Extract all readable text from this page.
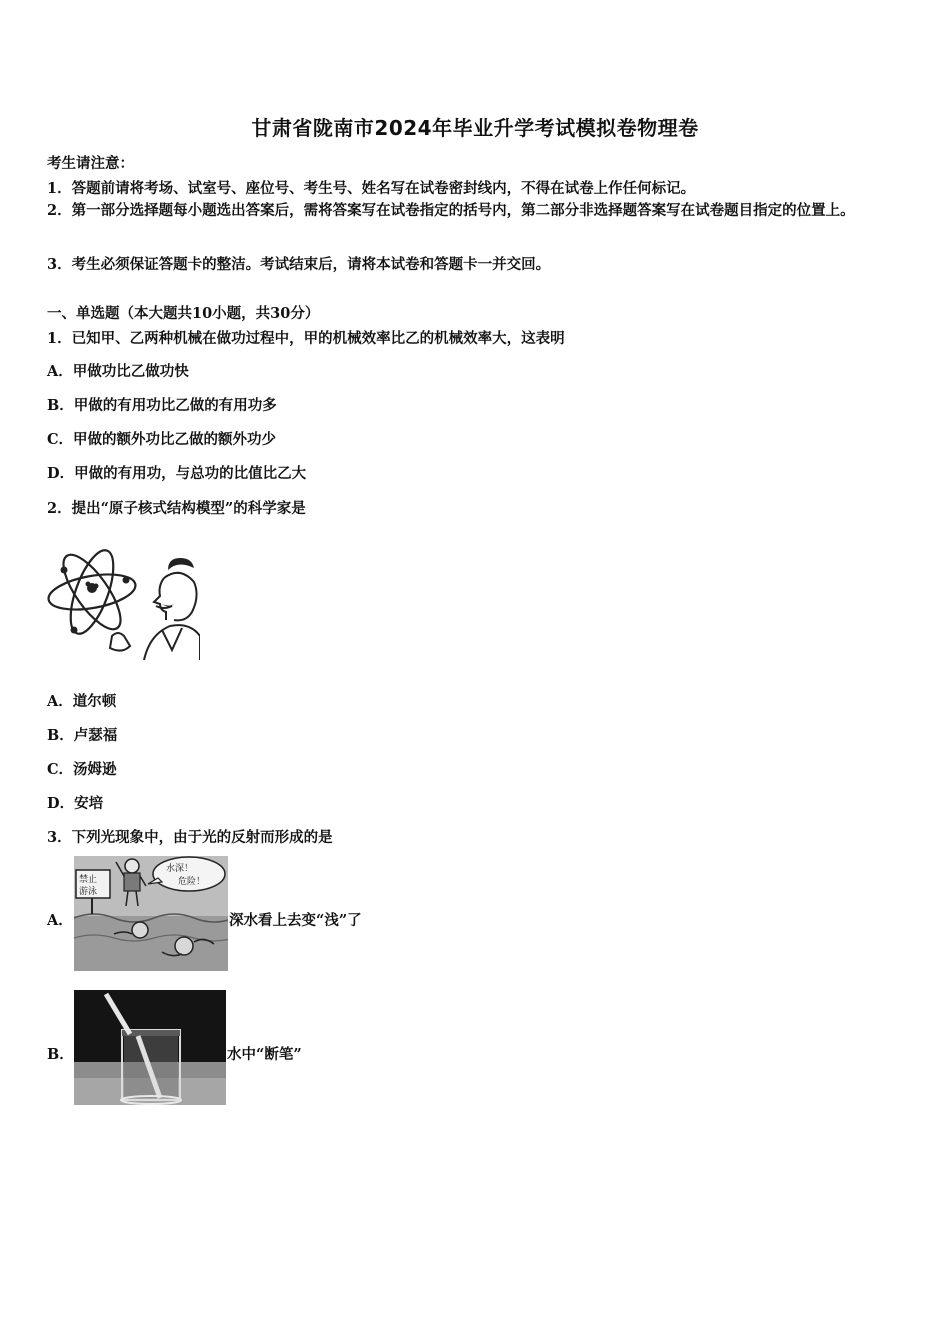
甘肃省陇南市2024年毕业升学考试模拟卷物理卷
考生请注意：
1．答题前请将考场、试室号、座位号、考生号、姓名写在试卷密封线内，不得在试卷上作任何标记。
2．第一部分选择题每小题选出答案后，需将答案写在试卷指定的括号内，第二部分非选择题答案写在试卷题目指定的位置上。
3．考生必须保证答题卡的整洁。考试结束后，请将本试卷和答题卡一并交回。
一、单选题（本大题共10小题，共30分）
1．已知甲、乙两种机械在做功过程中，甲的机械效率比乙的机械效率大，这表明
A．甲做功比乙做功快
B．甲做的有用功比乙做的有用功多
C．甲做的额外功比乙做的额外功少
D．甲做的有用功，与总功的比值比乙大
2．提出“原子核式结构模型”的科学家是
A．道尔顿
B．卢瑟福
C．汤姆逊
D．安培
3．下列光现象中，由于光的反射而形成的是
A．
禁止
游泳
水深！
危险！
深水看上去变“浅”了
B．	水中“断笔”
